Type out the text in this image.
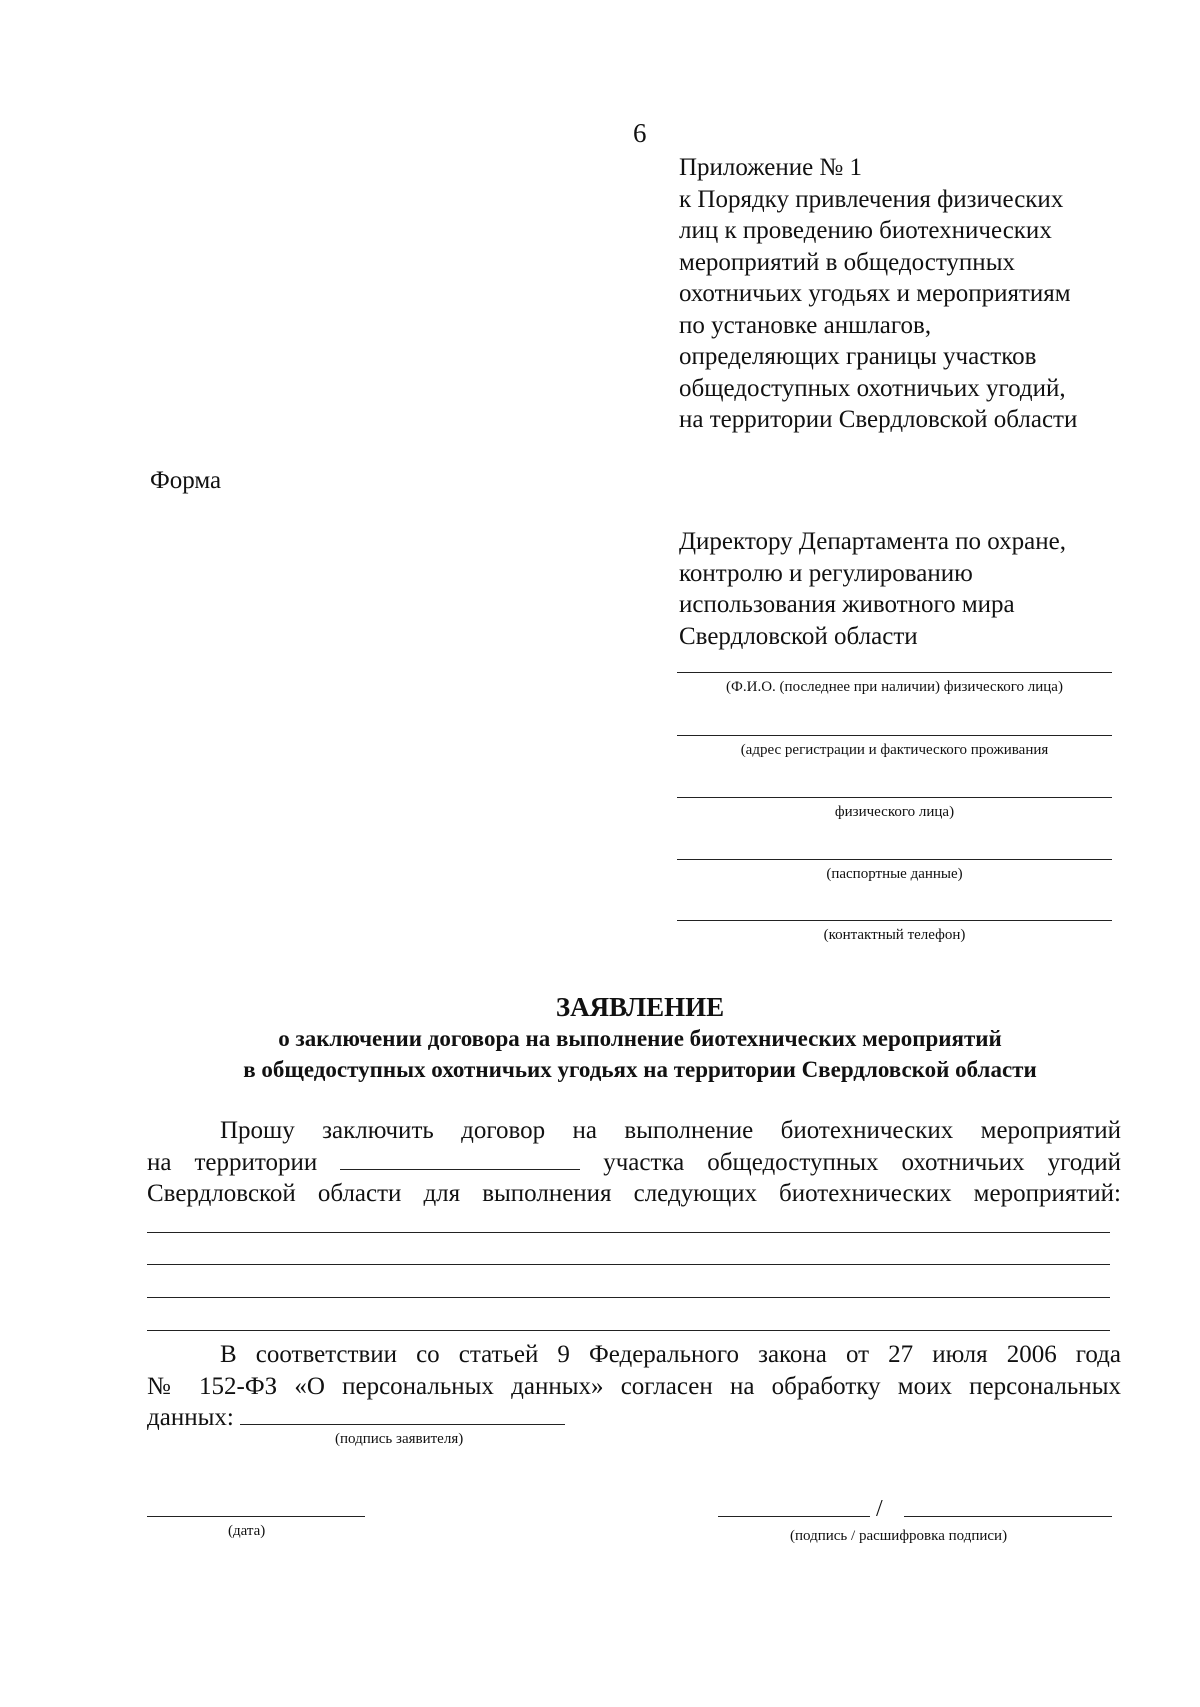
6
Приложение № 1
к Порядку привлечения физических
лиц к проведению биотехнических
мероприятий в общедоступных
охотничьих угодьях и мероприятиям
по установке аншлагов,
определяющих границы участков
общедоступных охотничьих угодий,
на территории Свердловской области
Форма
Директору Департамента по охране,
контролю и регулированию
использования животного мира
Свердловской области
(Ф.И.О. (последнее при наличии) физического лица)
(адрес регистрации и фактического проживания
физического лица)
(паспортные данные)
(контактный телефон)
ЗАЯВЛЕНИЕ
о заключении договора на выполнение биотехнических мероприятий
в общедоступных охотничьих угодьях на территории Свердловской области
Прошу заключить договор на выполнение биотехнических мероприятий
на территории	участка общедоступных охотничьих угодий
Свердловской области для выполнения следующих биотехнических мероприятий:
В соответствии со статьей 9 Федерального закона от 27 июля 2006 года
№ 152-ФЗ «О персональных данных» согласен на обработку моих персональных
данных:
(подпись заявителя)
(дата)
/
(подпись / расшифровка подписи)
